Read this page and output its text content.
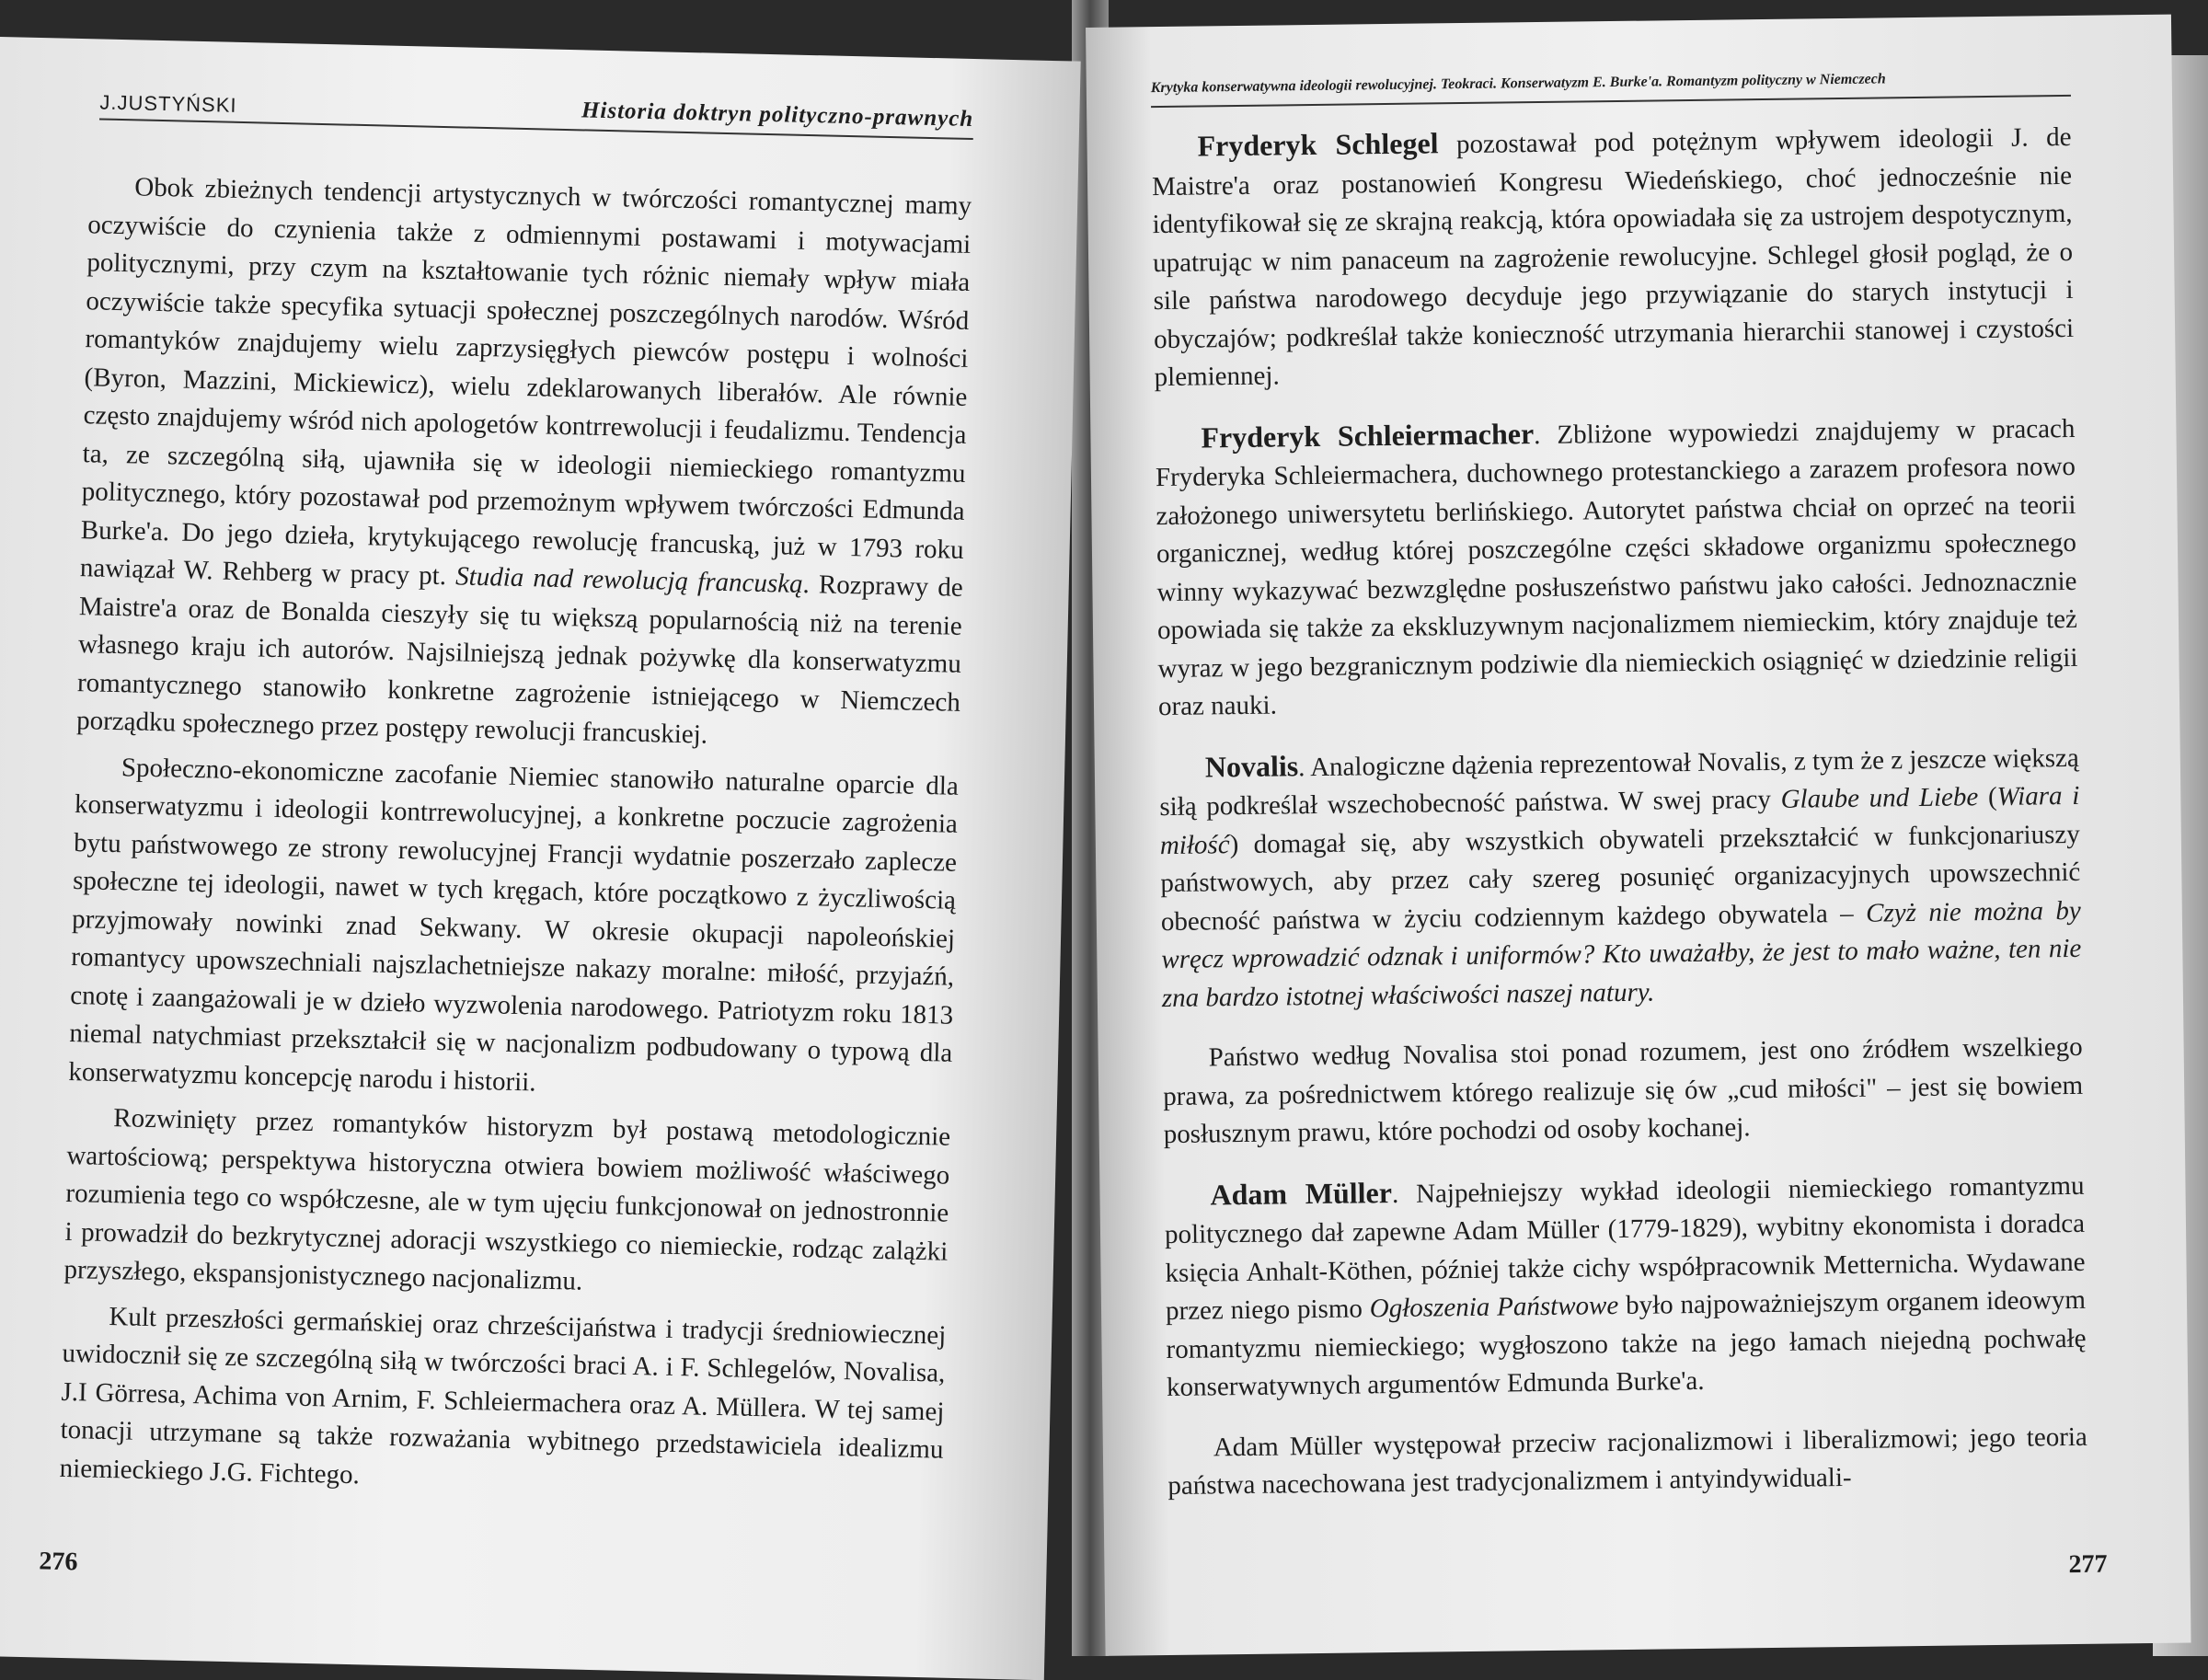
J.JUSTYŃSKI	Historia doktryn polityczno-prawnych

Obok zbieżnych tendencji artystycznych w twórczości romantycznej mamy oczywiście do czynienia także z odmiennymi postawami i motywacjami politycznymi, przy czym na kształtowanie tych różnic niemały wpływ miała oczywiście także specyfika sytuacji społecznej poszczególnych narodów. Wśród romantyków znajdujemy wielu zaprzysięgłych piewców postępu i wolności (Byron, Mazzini, Mickiewicz), wielu zdeklarowanych liberałów. Ale równie często znajdujemy wśród nich apologetów kontrrewolucji i feudalizmu. Tendencja ta, ze szczególną siłą, ujawniła się w ideologii niemieckiego romantyzmu politycznego, który pozostawał pod przemożnym wpływem twórczości Edmunda Burke'a. Do jego dzieła, krytykującego rewolucję francuską, już w 1793 roku nawiązał W. Rehberg w pracy pt. Studia nad rewolucją francuską. Rozprawy de Maistre'a oraz de Bonalda cieszyły się tu większą popularnością niż na terenie własnego kraju ich autorów. Najsilniejszą jednak pożywkę dla konserwatyzmu romantycznego stanowiło konkretne zagrożenie istniejącego w Niemczech porządku społecznego przez postępy rewolucji francuskiej.

Społeczno-ekonomiczne zacofanie Niemiec stanowiło naturalne oparcie dla konserwatyzmu i ideologii kontrrewolucyjnej, a konkretne poczucie zagrożenia bytu państwowego ze strony rewolucyjnej Francji wydatnie poszerzało zaplecze społeczne tej ideologii, nawet w tych kręgach, które początkowo z życzliwością przyjmowały nowinki znad Sekwany. W okresie okupacji napoleońskiej romantycy upowszechniali najszlachetniejsze nakazy moralne: miłość, przyjaźń, cnotę i zaangażowali je w dzieło wyzwolenia narodowego. Patriotyzm roku 1813 niemal natychmiast przekształcił się w nacjonalizm podbudowany o typową dla konserwatyzmu koncepcję narodu i historii.

Rozwinięty przez romantyków historyzm był postawą metodologicznie wartościową; perspektywa historyczna otwiera bowiem możliwość właściwego rozumienia tego co współczesne, ale w tym ujęciu funkcjonował on jednostronnie i prowadził do bezkrytycznej adoracji wszystkiego co niemieckie, rodząc zalążki przyszłego, ekspansjonistycznego nacjonalizmu.

Kult przeszłości germańskiej oraz chrześcijaństwa i tradycji średniowiecznej uwidocznił się ze szczególną siłą w twórczości braci A. i F. Schlegelów, Novalisa, J.I Görresa, Achima von Arnim, F. Schleiermachera oraz A. Müllera. W tej samej tonacji utrzymane są także rozważania wybitnego przedstawiciela idealizmu niemieckiego J.G. Fichtego.

276
Krytyka konserwatywna ideologii rewolucyjnej. Teokraci. Konserwatyzm E. Burke'a. Romantyzm polityczny w Niemczech

Fryderyk Schlegel pozostawał pod potężnym wpływem ideologii J. de Maistre'a oraz postanowień Kongresu Wiedeńskiego, choć jednocześnie nie identyfikował się ze skrajną reakcją, która opowiadała się za ustrojem despotycznym, upatrując w nim panaceum na zagrożenie rewolucyjne. Schlegel głosił pogląd, że o sile państwa narodowego decyduje jego przywiązanie do starych instytucji i obyczajów; podkreślał także konieczność utrzymania hierarchii stanowej i czystości plemiennej.

Fryderyk Schleiermacher. Zbliżone wypowiedzi znajdujemy w pracach Fryderyka Schleiermachera, duchownego protestanckiego a zarazem profesora nowo założonego uniwersytetu berlińskiego. Autorytet państwa chciał on oprzeć na teorii organicznej, według której poszczególne części składowe organizmu społecznego winny wykazywać bezwzględne posłuszeństwo państwu jako całości. Jednoznacznie opowiada się także za ekskluzywnym nacjonalizmem niemieckim, który znajduje też wyraz w jego bezgranicznym podziwie dla niemieckich osiągnięć w dziedzinie religii oraz nauki.

Novalis. Analogiczne dążenia reprezentował Novalis, z tym że z jeszcze większą siłą podkreślał wszechobecność państwa. W swej pracy Glaube und Liebe (Wiara i miłość) domagał się, aby wszystkich obywateli przekształcić w funkcjonariuszy państwowych, aby przez cały szereg posunięć organizacyjnych upowszechnić obecność państwa w życiu codziennym każdego obywatela – Czyż nie można by wręcz wprowadzić odznak i uniformów? Kto uważałby, że jest to mało ważne, ten nie zna bardzo istotnej właściwości naszej natury.

Państwo według Novalisa stoi ponad rozumem, jest ono źródłem wszelkiego prawa, za pośrednictwem którego realizuje się ów „cud miłości" – jest się bowiem posłusznym prawu, które pochodzi od osoby kochanej.

Adam Müller. Najpełniejszy wykład ideologii niemieckiego romantyzmu politycznego dał zapewne Adam Müller (1779-1829), wybitny ekonomista i doradca księcia Anhalt-Köthen, później także cichy współpracownik Metternicha. Wydawane przez niego pismo Ogłoszenia Państwowe było najpoważniejszym organem ideowym romantyzmu niemieckiego; wygłoszono także na jego łamach niejedną pochwałę konserwatywnych argumentów Edmunda Burke'a.

Adam Müller występował przeciw racjonalizmowi i liberalizmowi; jego teoria państwa nacechowana jest tradycjonalizmem i antyindywiduali-

277
